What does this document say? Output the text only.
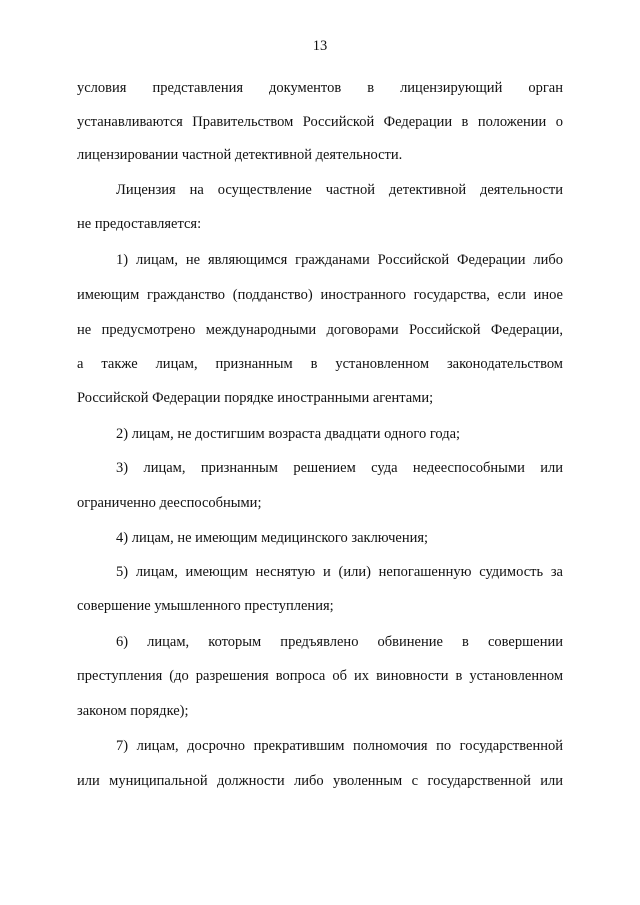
13
условия представления документов в лицензирующий орган
устанавливаются Правительством Российской Федерации в положении о
лицензировании частной детективной деятельности.
Лицензия на осуществление частной детективной деятельности
не предоставляется:
1) лицам, не являющимся гражданами Российской Федерации либо
имеющим гражданство (подданство) иностранного государства, если иное
не предусмотрено международными договорами Российской Федерации,
а также лицам, признанным в установленном законодательством
Российской Федерации порядке иностранными агентами;
2) лицам, не достигшим возраста двадцати одного года;
3) лицам, признанным решением суда недееспособными или
ограниченно дееспособными;
4) лицам, не имеющим медицинского заключения;
5) лицам, имеющим неснятую и (или) непогашенную судимость за
совершение умышленного преступления;
6) лицам, которым предъявлено обвинение в совершении
преступления (до разрешения вопроса об их виновности в установленном
законом порядке);
7) лицам, досрочно прекратившим полномочия по государственной
или муниципальной должности либо уволенным с государственной или
